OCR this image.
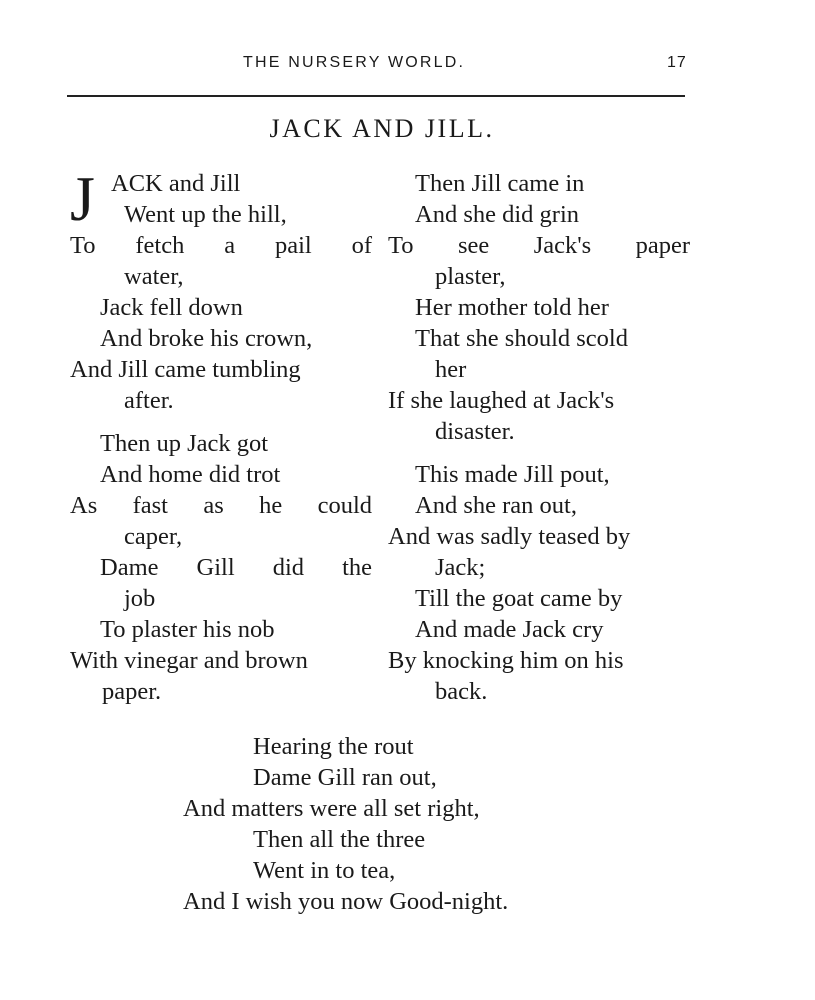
THE NURSERY WORLD.	17
JACK AND JILL.
J ACK and Jill
Went up the hill,
To fetch a pail of
water,
Jack fell down
And broke his crown,
And Jill came tumbling
after.
Then up Jack got
And home did trot
As fast as he could
caper,
Dame Gill did the
job
To plaster his nob
With vinegar and brown
paper.
Then Jill came in
And she did grin
To see Jack's paper
plaster,
Her mother told her
That she should scold
her
If she laughed at Jack's
disaster.
This made Jill pout,
And she ran out,
And was sadly teased by
Jack;
Till the goat came by
And made Jack cry
By knocking him on his
back.
Hearing the rout
Dame Gill ran out,
And matters were all set right,
Then all the three
Went in to tea,
And I wish you now Good-night.
